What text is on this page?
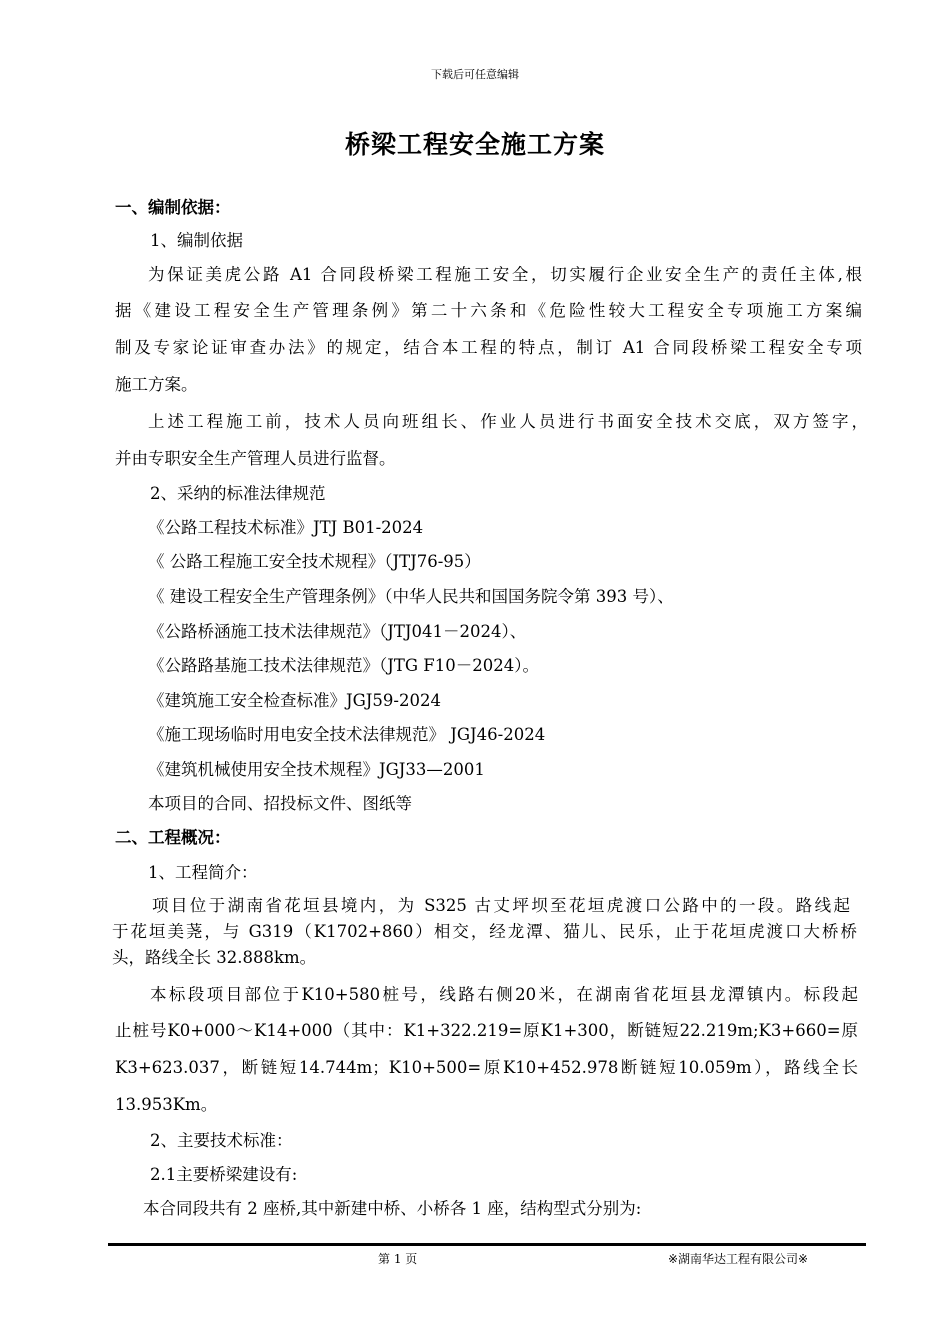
下载后可任意编辑
桥梁工程安全施工方案
一、编制依据：
1、编制依据
为保证美虎公路 A1 合同段桥梁工程施工安全，切实履行企业安全生产的责任主体,根
据《建设工程安全生产管理条例》第二十六条和《危险性较大工程安全专项施工方案编
制及专家论证审查办法》的规定，结合本工程的特点，制订 A1 合同段桥梁工程安全专项
施工方案。
上述工程施工前，技术人员向班组长、作业人员进行书面安全技术交底，双方签字，
并由专职安全生产管理人员进行监督。
2、采纳的标准法律规范
《公路工程技术标准》JTJ B01-2024
《 公路工程施工安全技术规程》（JTJ76-95）
《 建设工程安全生产管理条例》（中华人民共和国国务院令第 393 号）、
《公路桥涵施工技术法律规范》（JTJ041－2024）、
《公路路基施工技术法律规范》（JTG F10－2024）。
《建筑施工安全检查标准》JGJ59-2024
《施工现场临时用电安全技术法律规范》 JGJ46-2024
《建筑机械使用安全技术规程》JGJ33—2001
本项目的合同、招投标文件、图纸等
二、工程概况：
1、工程简介：
项目位于湖南省花垣县境内，为 S325 古丈坪坝至花垣虎渡口公路中的一段。路线起
于花垣美荛，与 G319（K1702+860）相交，经龙潭、猫儿、民乐，止于花垣虎渡口大桥桥
头，路线全长 32.888km。
本标段项目部位于K10+580桩号，线路右侧20米，在湖南省花垣县龙潭镇内。标段起
止桩号K0+000～K14+000（其中：K1+322.219=原K1+300，断链短22.219m;K3+660=原
K3+623.037，断链短14.744m；K10+500=原K10+452.978断链短10.059m），路线全长
13.953Km。
2、主要技术标准：
2.1主要桥梁建设有:
本合同段共有 2 座桥,其中新建中桥、小桥各 1 座，结构型式分别为:
第 1 页	※湖南华达工程有限公司※
